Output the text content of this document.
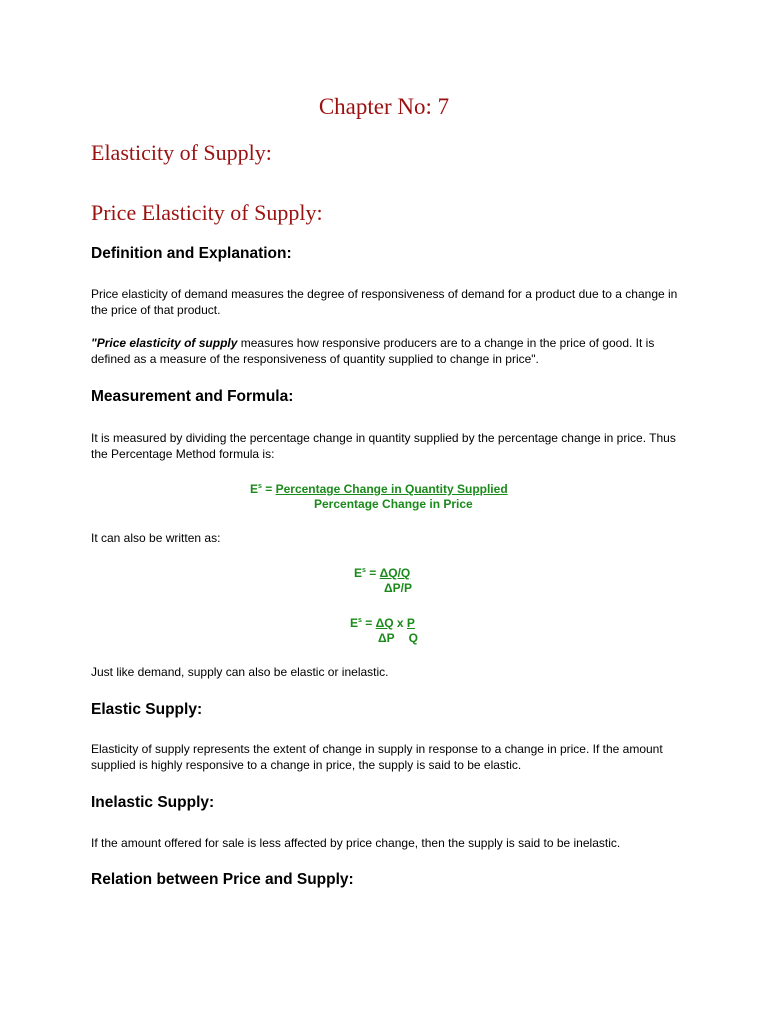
Chapter No: 7
Elasticity of Supply:
Price Elasticity of Supply:
Definition and Explanation:

Price elasticity of demand measures the degree of responsiveness of demand for a product due to a change in the price of that product.

"Price elasticity of supply measures how responsive producers are to a change in the price of good. It is defined as a measure of the responsiveness of quantity supplied to change in price".

Measurement and Formula:

It is measured by dividing the percentage change in quantity supplied by the percentage change in price. Thus the Percentage Method formula is:

$E^s$ = Percentage Change in Quantity Supplied
Percentage Change in Price

It can also be written as:

$E^s = \Delta Q/Q$
ΔP/P
$E^s = \Delta Q$ x P
ΔP Q

Just like demand, supply can also be elastic or inelastic.

Elastic Supply:

Elasticity of supply represents the extent of change in supply in response to a change in price. If the amount supplied is highly responsive to a change in price, the supply is said to be elastic.

Inelastic Supply:

If the amount offered for sale is less affected by price change, then the supply is said to be inelastic.

Relation between Price and Supply:
